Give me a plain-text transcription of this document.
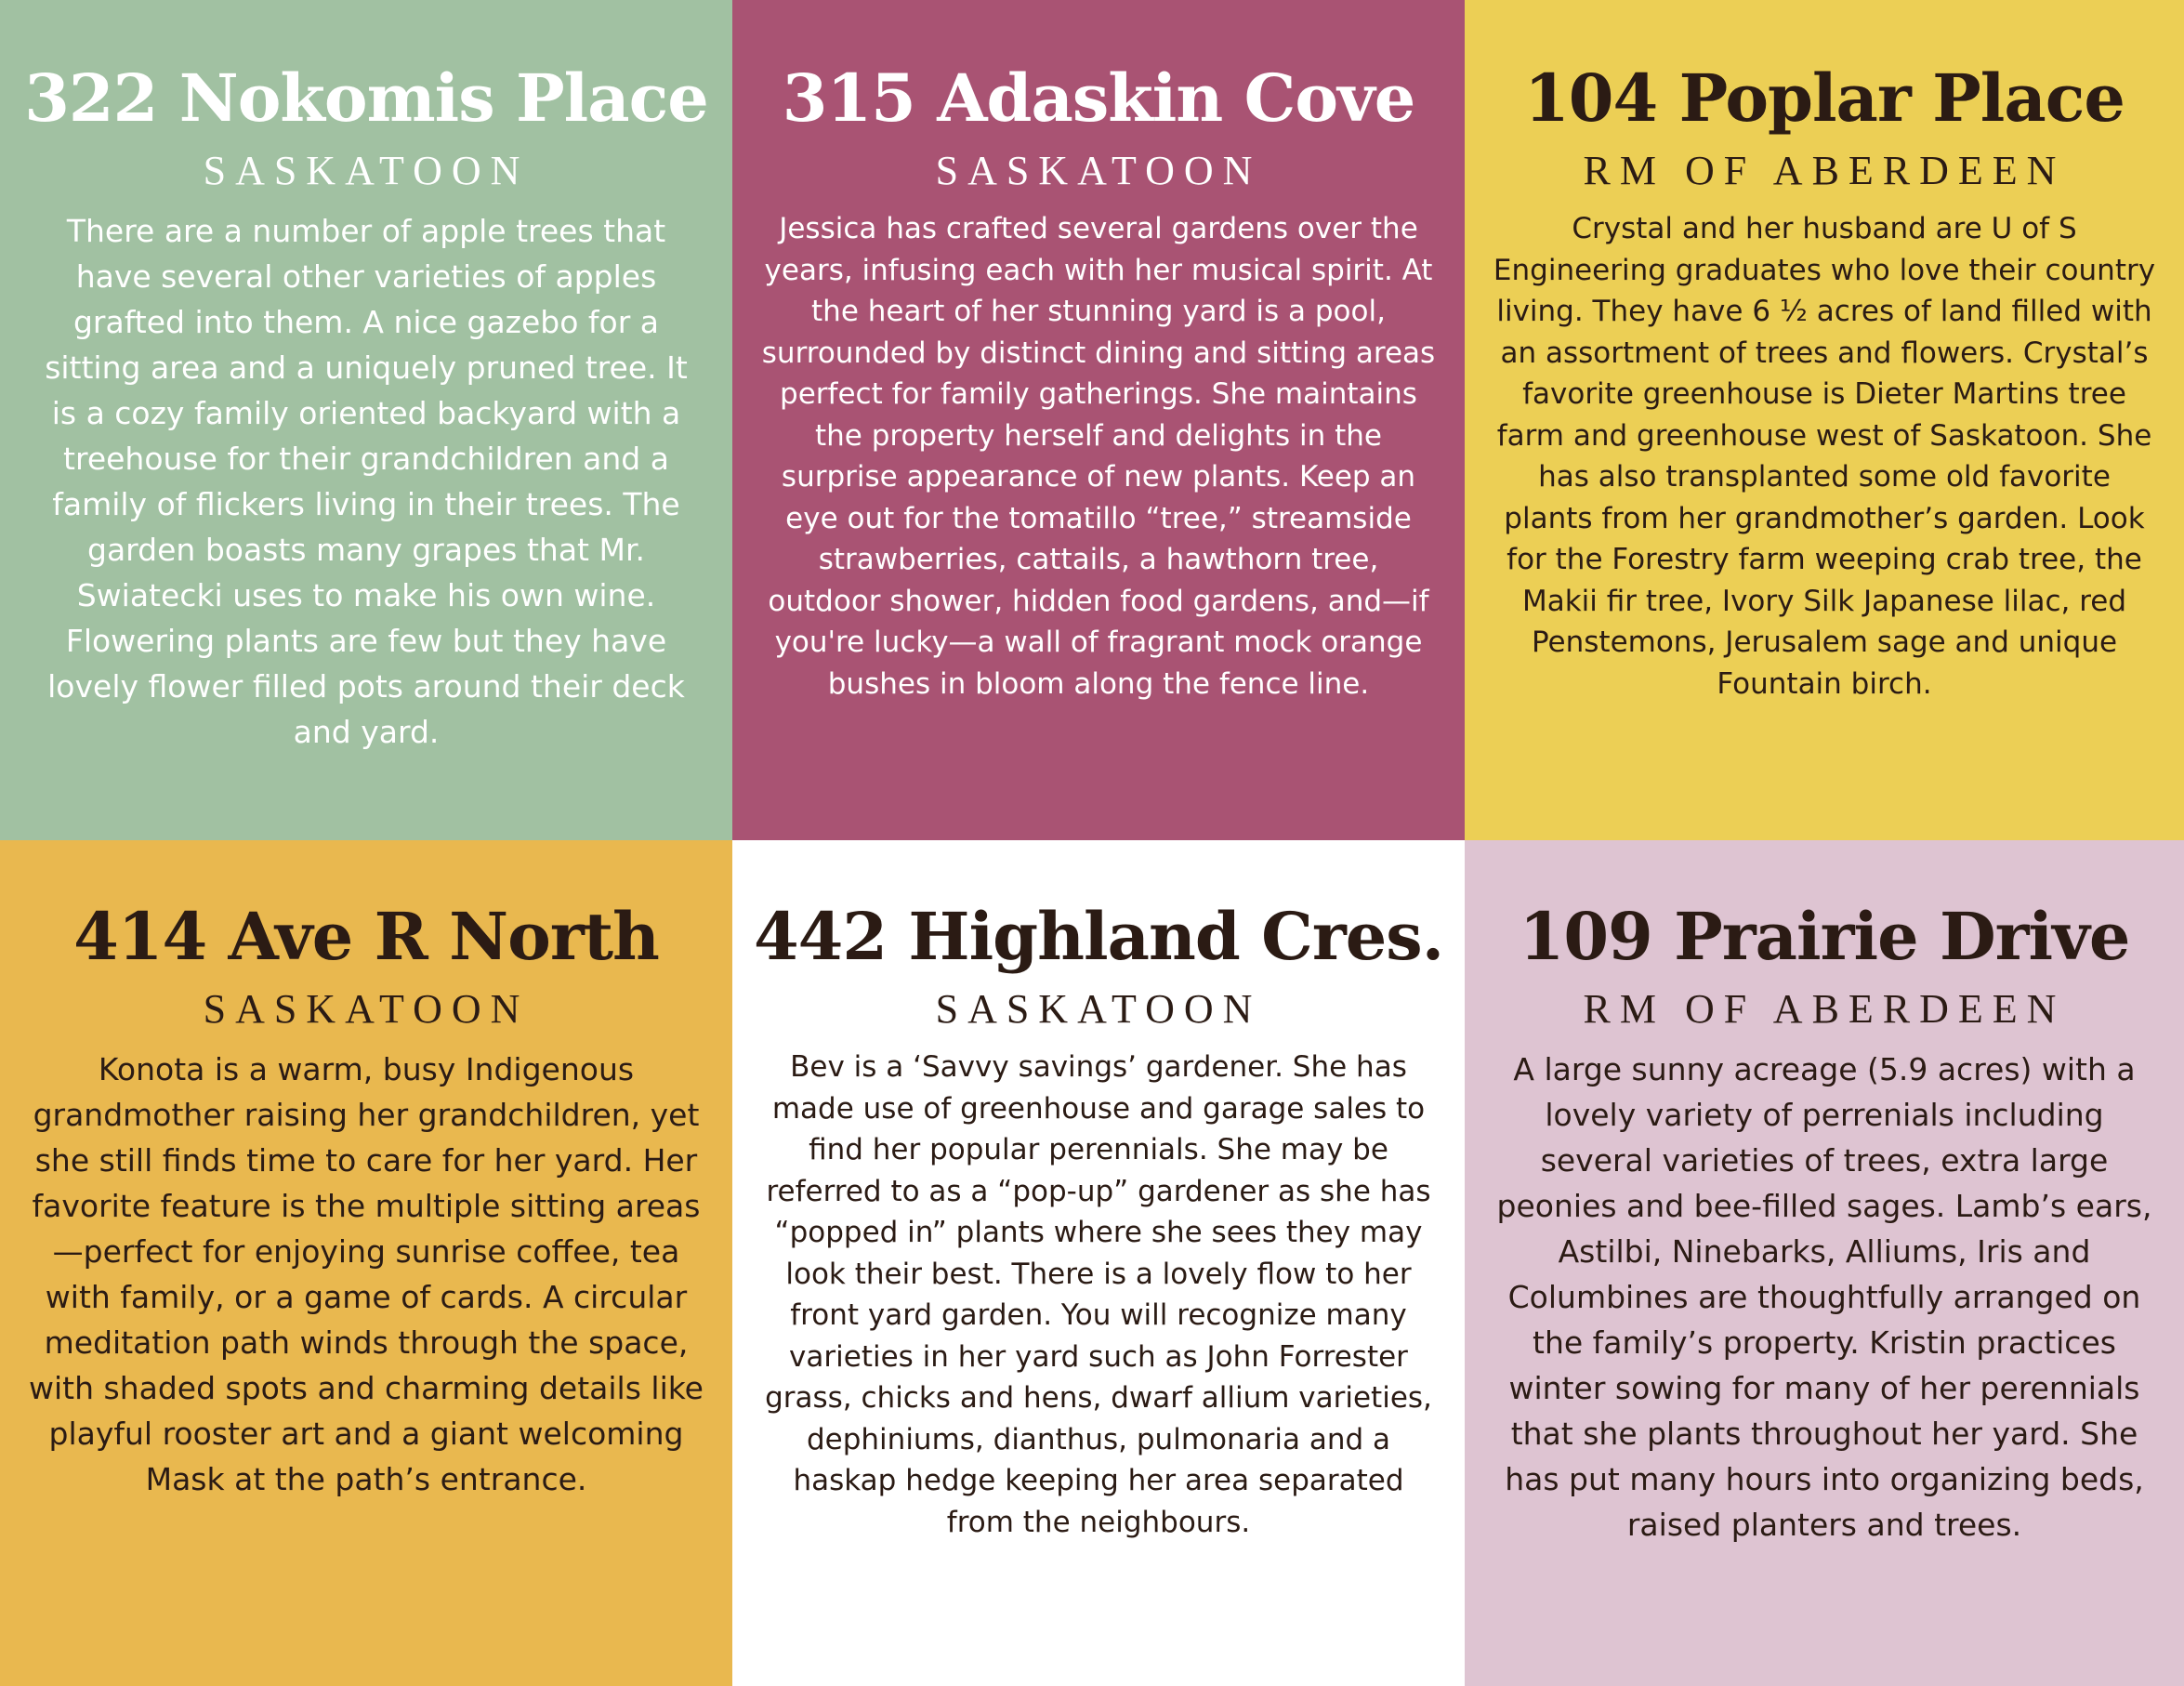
322 Nokomis Place
SASKATOON

There are a number of apple trees that have several other varieties of apples grafted into them. A nice gazebo for a sitting area and a uniquely pruned tree. It is a cozy family oriented backyard with a treehouse for their grandchildren and a family of flickers living in their trees. The garden boasts many grapes that Mr. Swiatecki uses to make his own wine. Flowering plants are few but they have lovely flower filled pots around their deck and yard.

315 Adaskin Cove
SASKATOON

Jessica has crafted several gardens over the years, infusing each with her musical spirit. At the heart of her stunning yard is a pool, surrounded by distinct dining and sitting areas perfect for family gatherings. She maintains the property herself and delights in the surprise appearance of new plants. Keep an eye out for the tomatillo “tree,” streamside strawberries, cattails, a hawthorn tree, outdoor shower, hidden food gardens, and—if you're lucky—a wall of fragrant mock orange bushes in bloom along the fence line.

104 Poplar Place
RM OF ABERDEEN

Crystal and her husband are U of S Engineering graduates who love their country living. They have 6 ½ acres of land filled with an assortment of trees and flowers. Crystal’s favorite greenhouse is Dieter Martins tree farm and greenhouse west of Saskatoon. She has also transplanted some old favorite plants from her grandmother’s garden. Look for the Forestry farm weeping crab tree, the Makii fir tree, Ivory Silk Japanese lilac, red Penstemons, Jerusalem sage and unique Fountain birch.

414 Ave R North
SASKATOON

Konota is a warm, busy Indigenous grandmother raising her grandchildren, yet she still finds time to care for her yard. Her favorite feature is the multiple sitting areas—perfect for enjoying sunrise coffee, tea with family, or a game of cards. A circular meditation path winds through the space, with shaded spots and charming details like playful rooster art and a giant welcoming Mask at the path’s entrance.

442 Highland Cres.
SASKATOON

Bev is a ‘Savvy savings’ gardener. She has made use of greenhouse and garage sales to find her popular perennials. She may be referred to as a “pop-up” gardener as she has “popped in” plants where she sees they may look their best. There is a lovely flow to her front yard garden. You will recognize many varieties in her yard such as John Forrester grass, chicks and hens, dwarf allium varieties, dephiniums, dianthus, pulmonaria and a haskap hedge keeping her area separated from the neighbours.

109 Prairie Drive
RM OF ABERDEEN

A large sunny acreage (5.9 acres) with a lovely variety of perrenials including several varieties of trees, extra large peonies and bee-filled sages. Lamb’s ears, Astilbi, Ninebarks, Alliums, Iris and Columbines are thoughtfully arranged on the family’s property. Kristin practices winter sowing for many of her perennials that she plants throughout her yard. She has put many hours into organizing beds, raised planters and trees.
